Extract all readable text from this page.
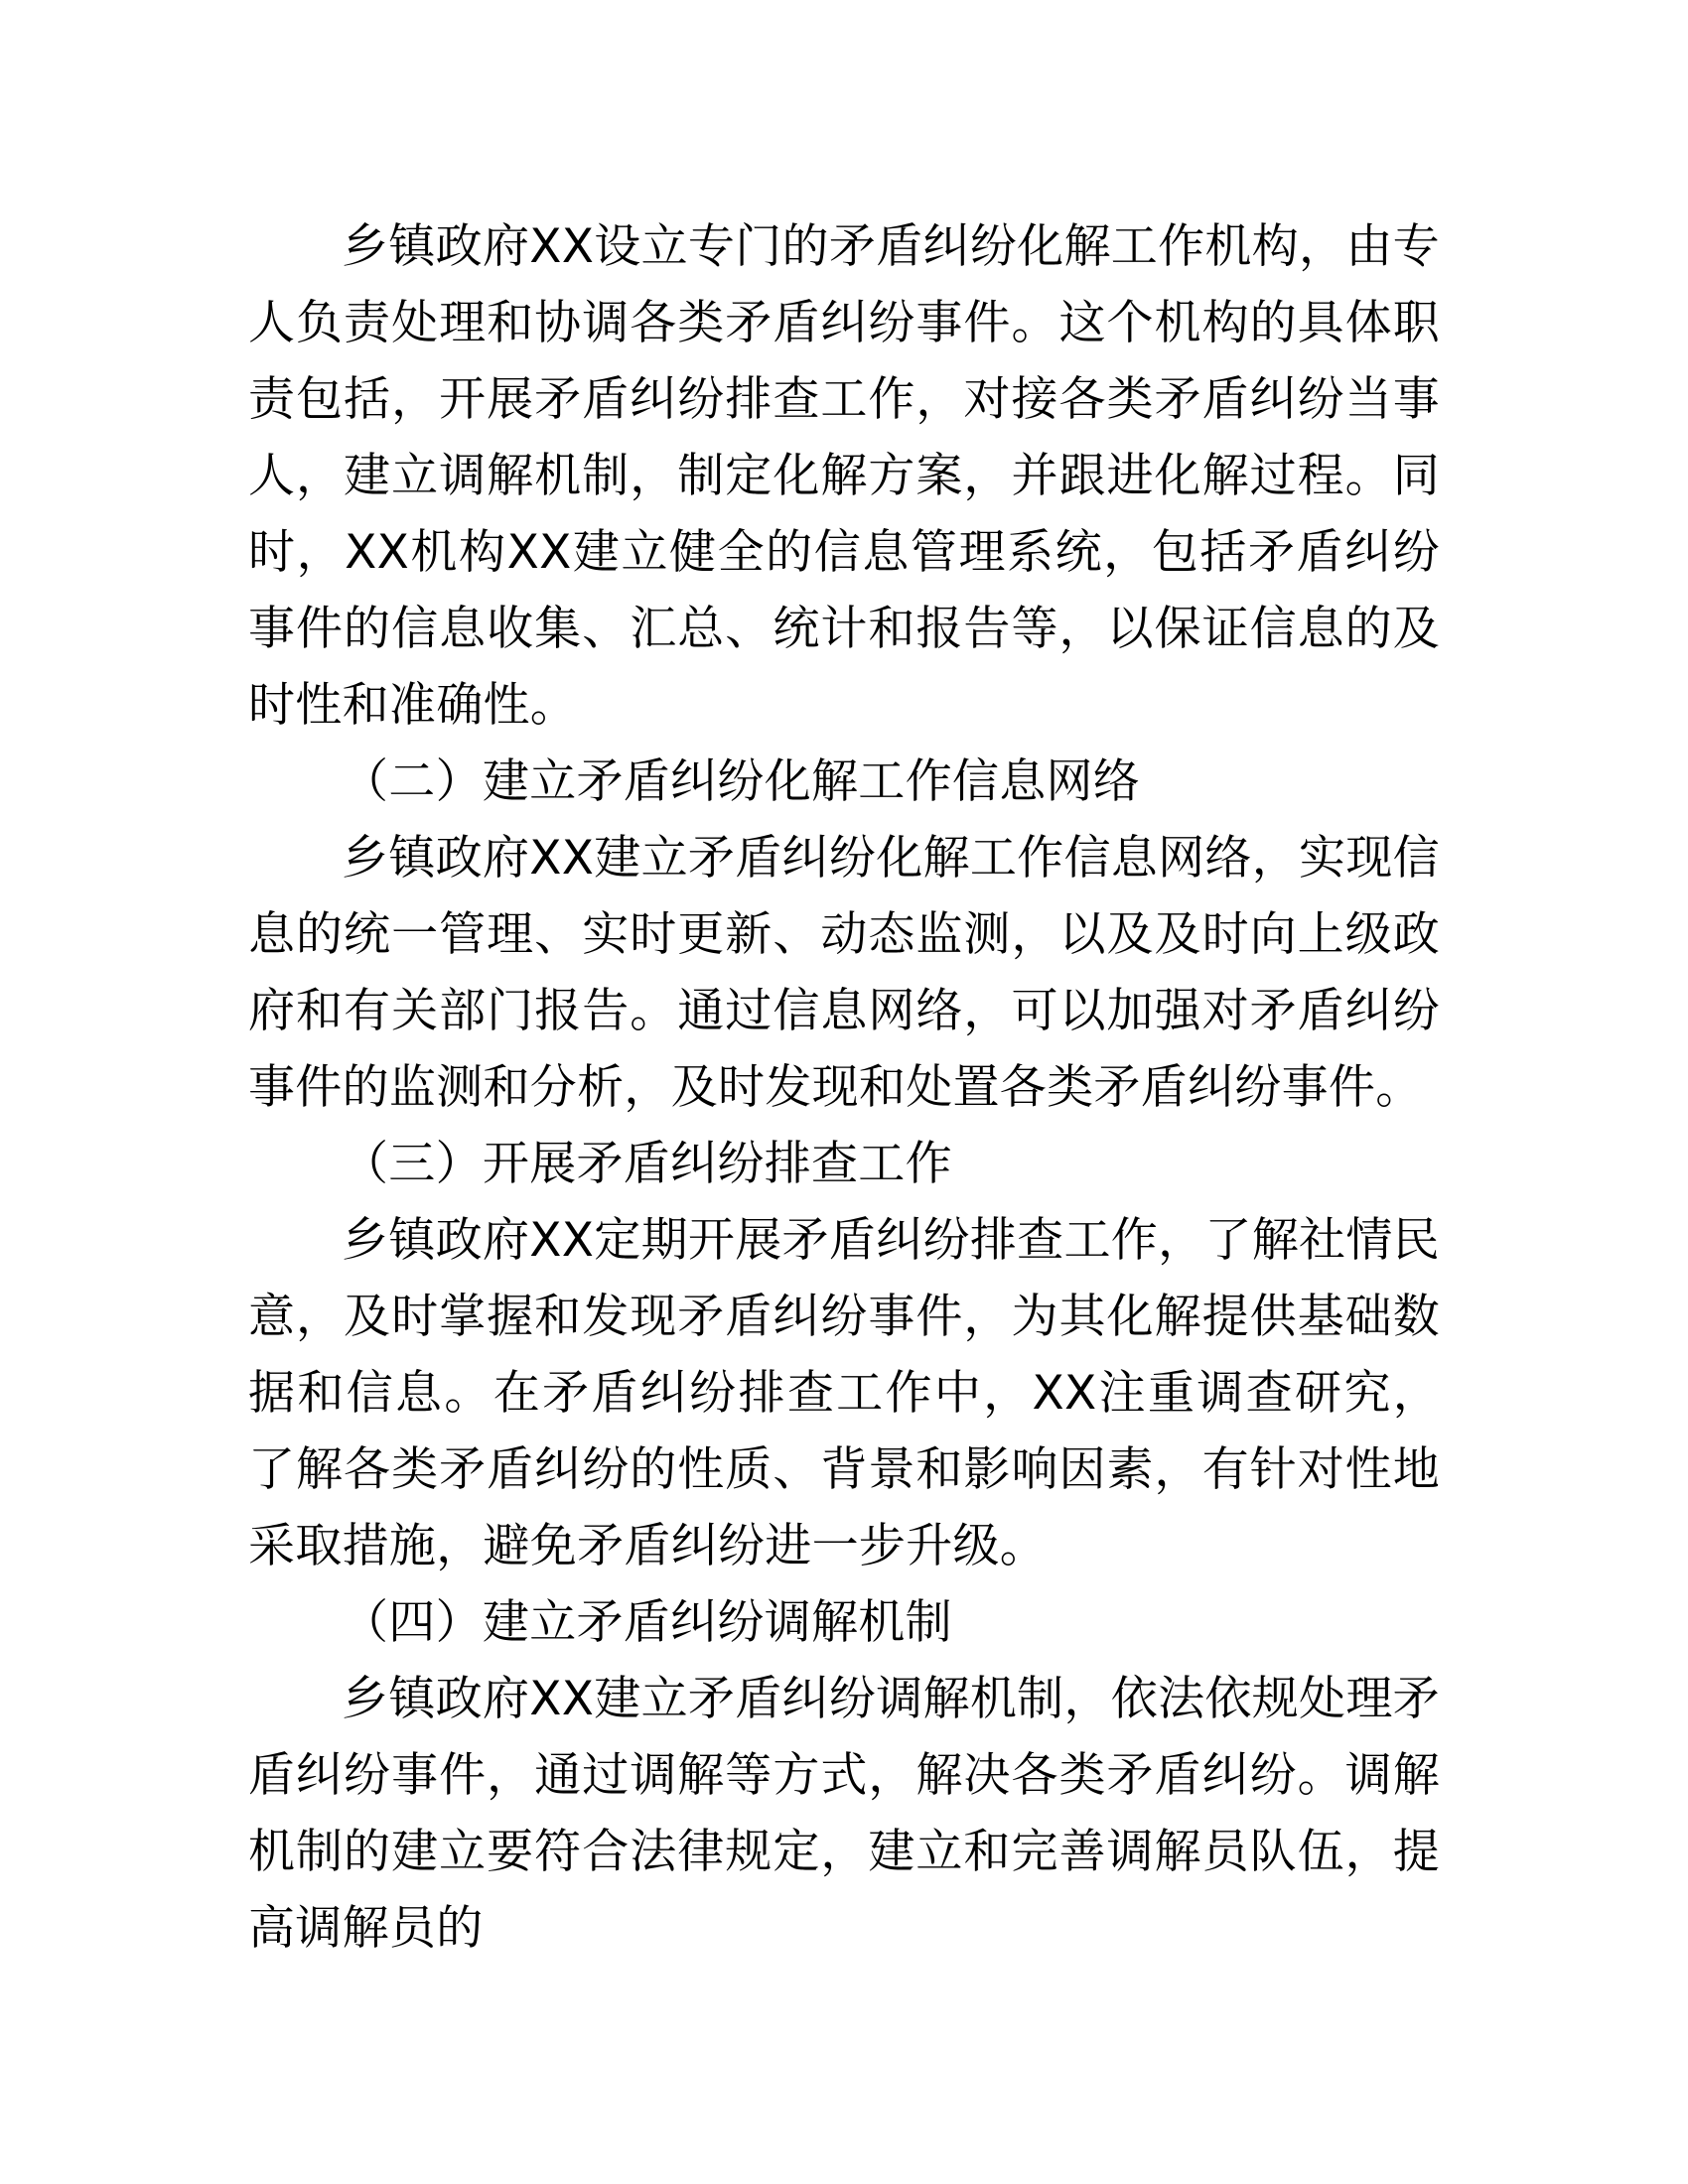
乡镇政府XX设立专门的矛盾纠纷化解工作机构，由专人负责处理和协调各类矛盾纠纷事件。这个机构的具体职责包括，开展矛盾纠纷排查工作，对接各类矛盾纠纷当事人，建立调解机制，制定化解方案，并跟进化解过程。同时，XX机构XX建立健全的信息管理系统，包括矛盾纠纷事件的信息收集、汇总、统计和报告等，以保证信息的及时性和准确性。

（二）建立矛盾纠纷化解工作信息网络

乡镇政府XX建立矛盾纠纷化解工作信息网络，实现信息的统一管理、实时更新、动态监测，以及及时向上级政府和有关部门报告。通过信息网络，可以加强对矛盾纠纷事件的监测和分析，及时发现和处置各类矛盾纠纷事件。

（三）开展矛盾纠纷排查工作

乡镇政府XX定期开展矛盾纠纷排查工作，了解社情民意，及时掌握和发现矛盾纠纷事件，为其化解提供基础数据和信息。在矛盾纠纷排查工作中，XX注重调查研究，了解各类矛盾纠纷的性质、背景和影响因素，有针对性地采取措施，避免矛盾纠纷进一步升级。

（四）建立矛盾纠纷调解机制

乡镇政府XX建立矛盾纠纷调解机制，依法依规处理矛盾纠纷事件，通过调解等方式，解决各类矛盾纠纷。调解机制的建立要符合法律规定，建立和完善调解员队伍，提高调解员的
